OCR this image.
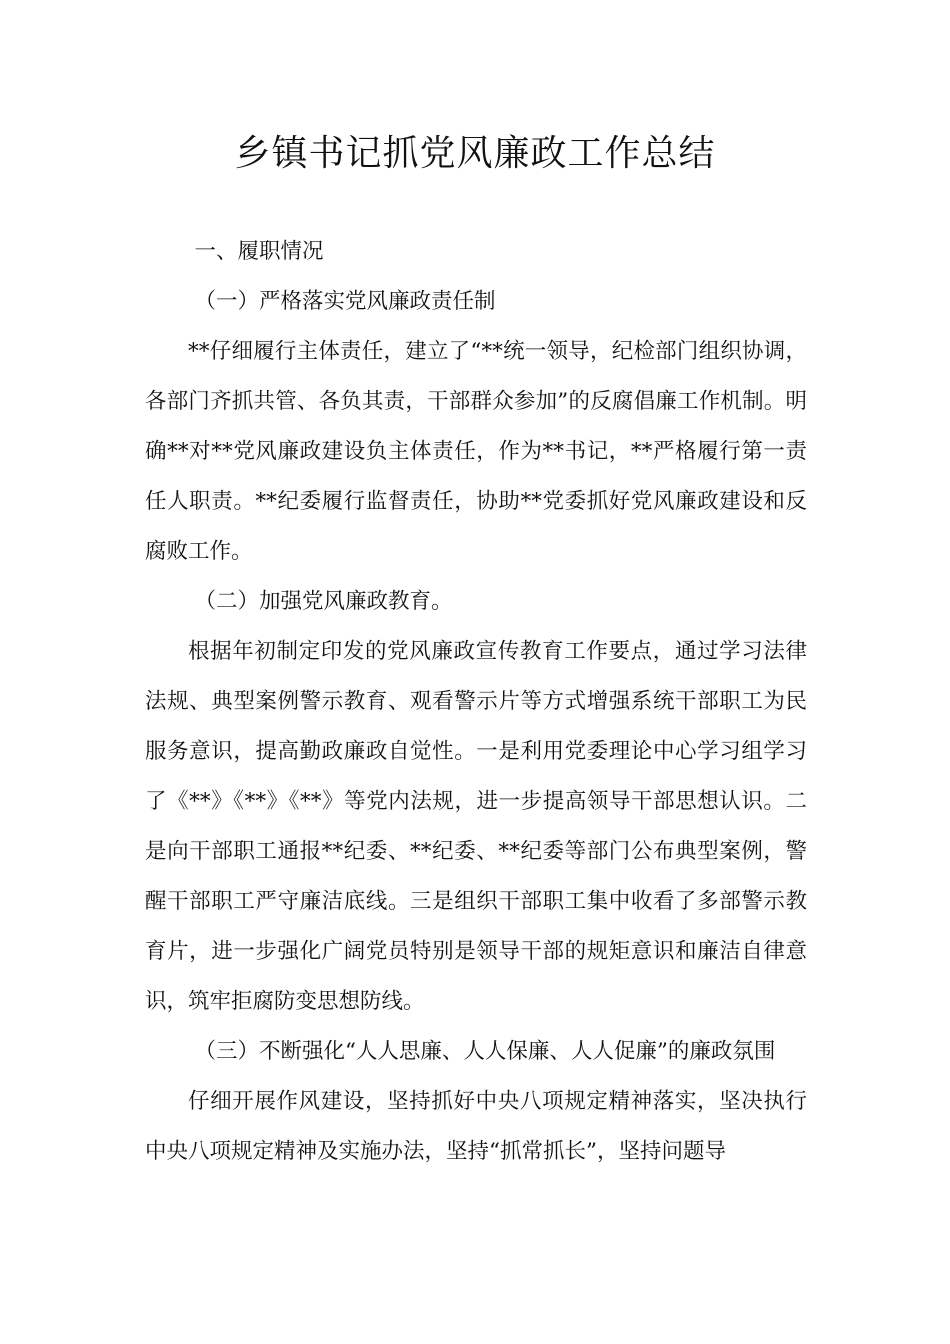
乡镇书记抓党风廉政工作总结

一、履职情况

（一）严格落实党风廉政责任制

**仔细履行主体责任，建立了“**统一领导，纪检部门组织协调，各部门齐抓共管、各负其责，干部群众参加”的反腐倡廉工作机制。明确**对**党风廉政建设负主体责任，作为**书记，**严格履行第一责任人职责。**纪委履行监督责任，协助**党委抓好党风廉政建设和反腐败工作。

（二）加强党风廉政教育。

根据年初制定印发的党风廉政宣传教育工作要点，通过学习法律法规、典型案例警示教育、观看警示片等方式增强系统干部职工为民服务意识，提高勤政廉政自觉性。一是利用党委理论中心学习组学习了《**》《**》《**》等党内法规，进一步提高领导干部思想认识。二是向干部职工通报**纪委、**纪委、**纪委等部门公布典型案例，警醒干部职工严守廉洁底线。三是组织干部职工集中收看了多部警示教育片，进一步强化广阔党员特别是领导干部的规矩意识和廉洁自律意识，筑牢拒腐防变思想防线。

（三）不断强化“人人思廉、人人保廉、人人促廉”的廉政氛围

仔细开展作风建设，坚持抓好中央八项规定精神落实，坚决执行中央八项规定精神及实施办法，坚持“抓常抓长”，坚持问题导
